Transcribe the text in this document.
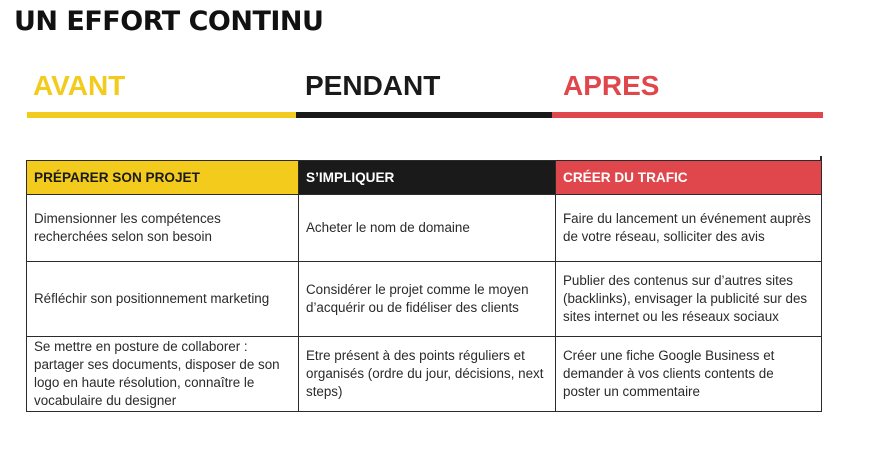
UN EFFORT CONTINU
AVANT	PENDANT	APRES
PRÉPARER SON PROJET	S’IMPLIQUER	CRÉER DU TRAFIC
Dimensionner les compétences recherchées selon son besoin	Acheter le nom de domaine	Faire du lancement un événement auprès de votre réseau, solliciter des avis
Réfléchir son positionnement marketing	Considérer le projet comme le moyen d’acquérir ou de fidéliser des clients	Publier des contenus sur d’autres sites (backlinks), envisager la publicité sur des sites internet ou les réseaux sociaux
Se mettre en posture de collaborer : partager ses documents, disposer de son logo en haute résolution, connaître le vocabulaire du designer	Etre présent à des points réguliers et organisés (ordre du jour, décisions, next steps)	Créer une fiche Google Business et demander à vos clients contents de poster un commentaire
